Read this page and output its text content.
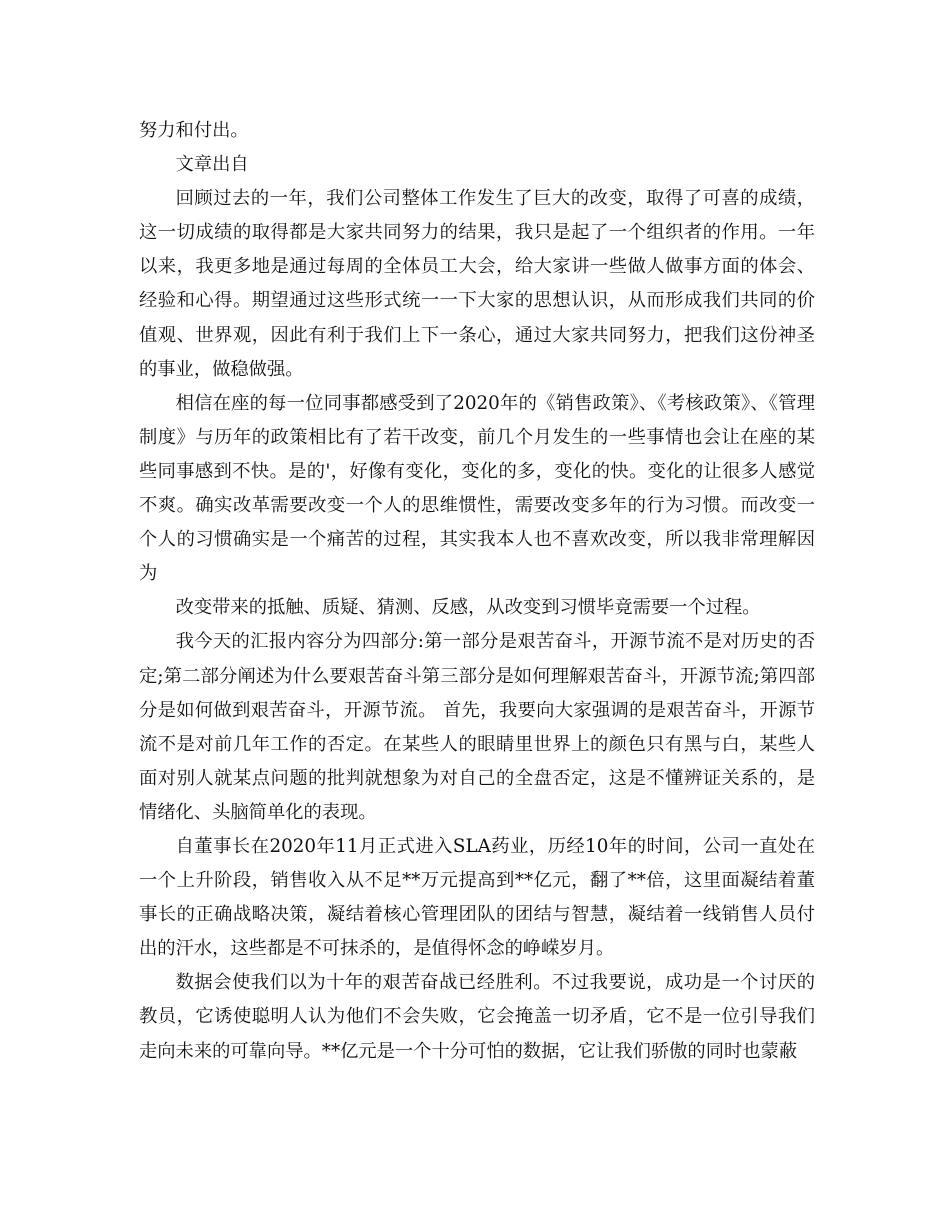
努力和付出。

文章出自

回顾过去的一年，我们公司整体工作发生了巨大的改变，取得了可喜的成绩，这一切成绩的取得都是大家共同努力的结果，我只是起了一个组织者的作用。一年以来，我更多地是通过每周的全体员工大会，给大家讲一些做人做事方面的体会、经验和心得。期望通过这些形式统一一下大家的思想认识，从而形成我们共同的价值观、世界观，因此有利于我们上下一条心，通过大家共同努力，把我们这份神圣的事业，做稳做强。

相信在座的每一位同事都感受到了2020年的《销售政策》、《考核政策》、《管理制度》与历年的政策相比有了若干改变，前几个月发生的一些事情也会让在座的某些同事感到不快。是的'，好像有变化，变化的多，变化的快。变化的让很多人感觉不爽。确实改革需要改变一个人的思维惯性，需要改变多年的行为习惯。而改变一个人的习惯确实是一个痛苦的过程，其实我本人也不喜欢改变，所以我非常理解因为

改变带来的抵触、质疑、猜测、反感，从改变到习惯毕竟需要一个过程。

我今天的汇报内容分为四部分:第一部分是艰苦奋斗，开源节流不是对历史的否定;第二部分阐述为什么要艰苦奋斗第三部分是如何理解艰苦奋斗，开源节流;第四部分是如何做到艰苦奋斗，开源节流。 首先，我要向大家强调的是艰苦奋斗，开源节流不是对前几年工作的否定。在某些人的眼睛里世界上的颜色只有黑与白，某些人面对别人就某点问题的批判就想象为对自己的全盘否定，这是不懂辨证关系的，是情绪化、头脑简单化的表现。

自董事长在2020年11月正式进入SLA药业，历经10年的时间，公司一直处在一个上升阶段，销售收入从不足**万元提高到**亿元，翻了**倍，这里面凝结着董事长的正确战略决策，凝结着核心管理团队的团结与智慧，凝结着一线销售人员付出的汗水，这些都是不可抹杀的，是值得怀念的峥嵘岁月。

数据会使我们以为十年的艰苦奋战已经胜利。不过我要说，成功是一个讨厌的教员，它诱使聪明人认为他们不会失败，它会掩盖一切矛盾，它不是一位引导我们走向未来的可靠向导。**亿元是一个十分可怕的数据，它让我们骄傲的同时也蒙蔽
